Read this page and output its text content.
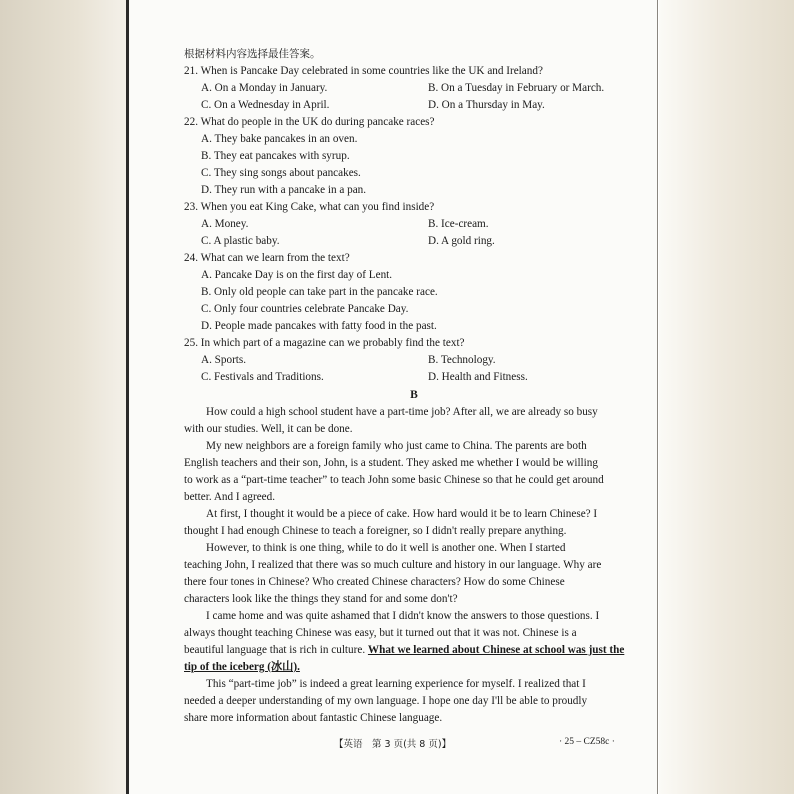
根据材料内容选择最佳答案。
21. When is Pancake Day celebrated in some countries like the UK and Ireland?
A. On a Monday in January.	B. On a Tuesday in February or March.
C. On a Wednesday in April.	D. On a Thursday in May.
22. What do people in the UK do during pancake races?
A. They bake pancakes in an oven.
B. They eat pancakes with syrup.
C. They sing songs about pancakes.
D. They run with a pancake in a pan.
23. When you eat King Cake, what can you find inside?
A. Money.	B. Ice-cream.
C. A plastic baby.	D. A gold ring.
24. What can we learn from the text?
A. Pancake Day is on the first day of Lent.
B. Only old people can take part in the pancake race.
C. Only four countries celebrate Pancake Day.
D. People made pancakes with fatty food in the past.
25. In which part of a magazine can we probably find the text?
A. Sports.	B. Technology.
C. Festivals and Traditions.	D. Health and Fitness.
B
How could a high school student have a part-time job? After all, we are already so busy
with our studies. Well, it can be done.
My new neighbors are a foreign family who just came to China. The parents are both
English teachers and their son, John, is a student. They asked me whether I would be willing
to work as a “part-time teacher” to teach John some basic Chinese so that he could get around
better. And I agreed.
At first, I thought it would be a piece of cake. How hard would it be to learn Chinese? I
thought I had enough Chinese to teach a foreigner, so I didn't really prepare anything.
However, to think is one thing, while to do it well is another one. When I started
teaching John, I realized that there was so much culture and history in our language. Why are
there four tones in Chinese? Who created Chinese characters? How do some Chinese
characters look like the things they stand for and some don't?
I came home and was quite ashamed that I didn't know the answers to those questions. I
always thought teaching Chinese was easy, but it turned out that it was not. Chinese is a
beautiful language that is rich in culture. What we learned about Chinese at school was just the
tip of the iceberg (冰山).
This “part-time job” is indeed a great learning experience for myself. I realized that I
needed a deeper understanding of my own language. I hope one day I'll be able to proudly
share more information about fantastic Chinese language.
【英语　第 3 页(共 8 页)】	· 25 – CZ58c ·
